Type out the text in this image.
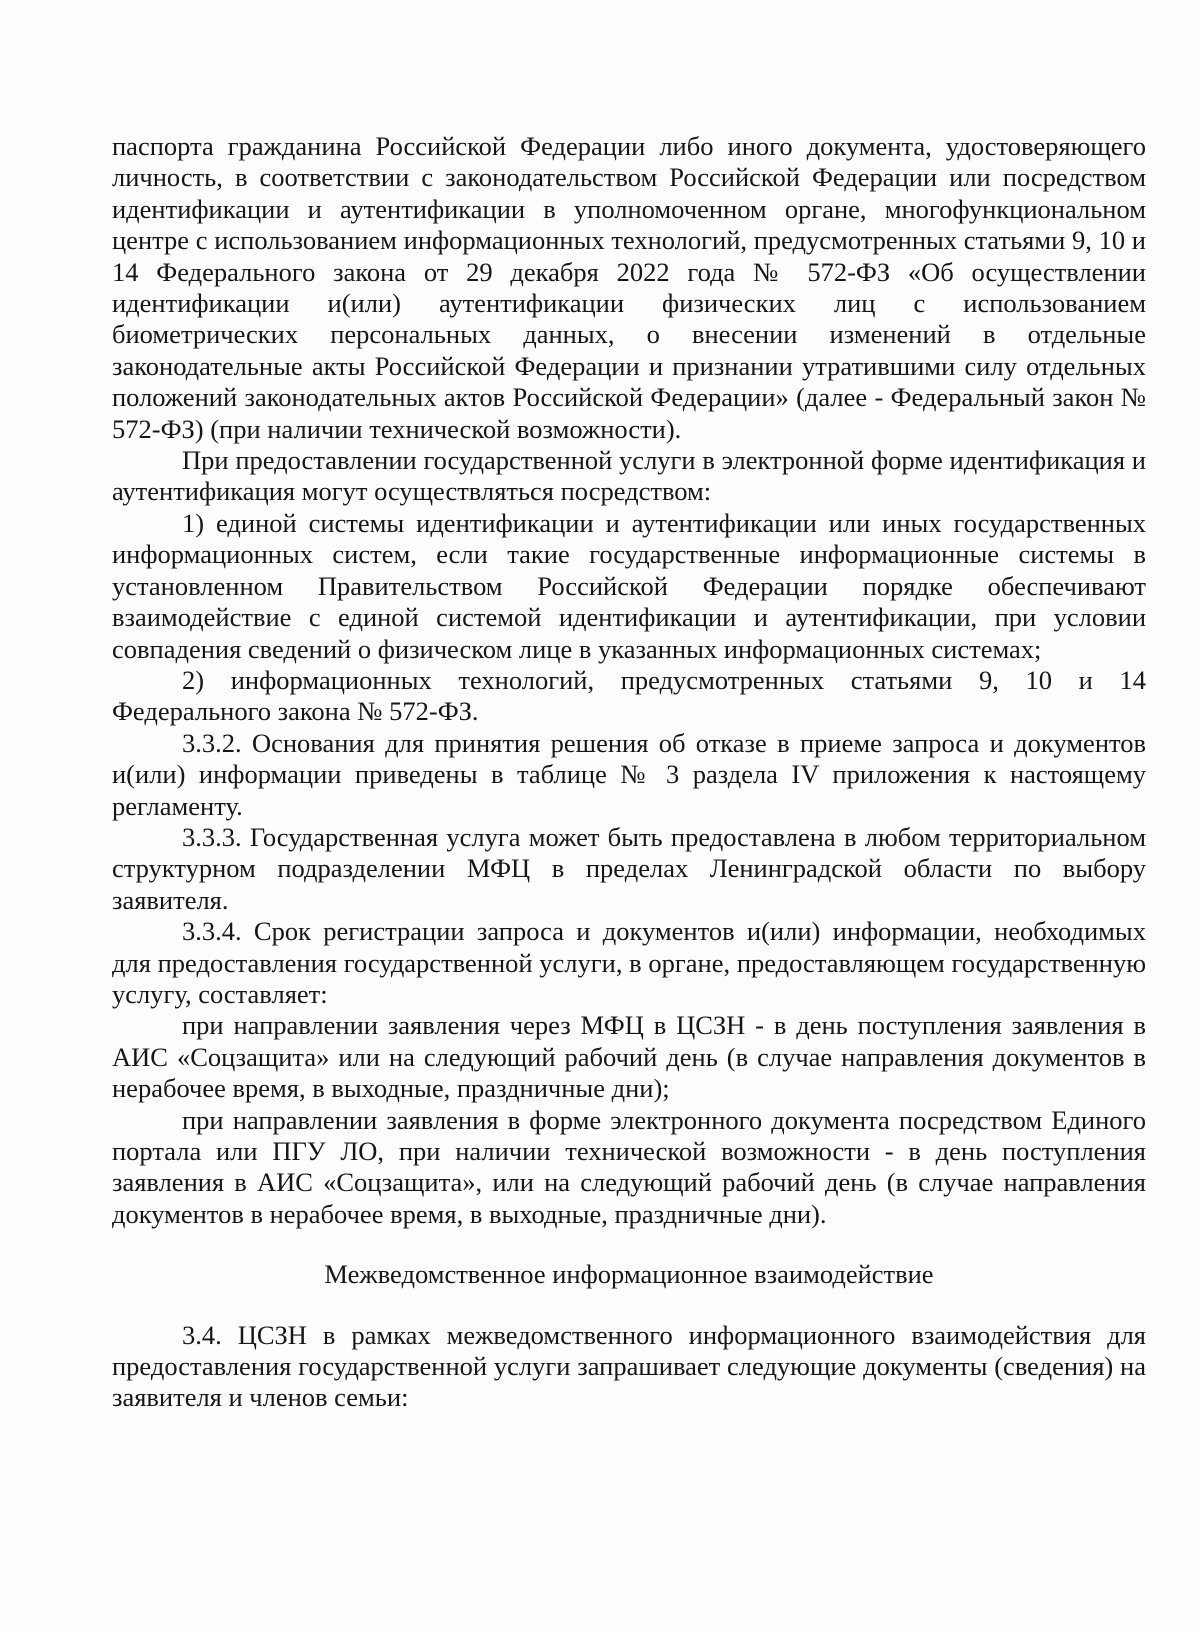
паспорта гражданина Российской Федерации либо иного документа, удостоверяющего личность, в соответствии с законодательством Российской Федерации или посредством идентификации и аутентификации в уполномоченном органе, многофункциональном центре с использованием информационных технологий, предусмотренных статьями 9, 10 и 14 Федерального закона от 29 декабря 2022 года № 572-ФЗ «Об осуществлении идентификации и(или) аутентификации физических лиц с использованием биометрических персональных данных, о внесении изменений в отдельные законодательные акты Российской Федерации и признании утратившими силу отдельных положений законодательных актов Российской Федерации» (далее - Федеральный закон № 572-ФЗ) (при наличии технической возможности).

При предоставлении государственной услуги в электронной форме идентификация и аутентификация могут осуществляться посредством:

1) единой системы идентификации и аутентификации или иных государственных информационных систем, если такие государственные информационные системы в установленном Правительством Российской Федерации порядке обеспечивают взаимодействие с единой системой идентификации и аутентификации, при условии совпадения сведений о физическом лице в указанных информационных системах;

2) информационных технологий, предусмотренных статьями 9, 10 и 14 Федерального закона № 572-ФЗ.

3.3.2. Основания для принятия решения об отказе в приеме запроса и документов и(или) информации приведены в таблице № 3 раздела IV приложения к настоящему регламенту.

3.3.3. Государственная услуга может быть предоставлена в любом территориальном структурном подразделении МФЦ в пределах Ленинградской области по выбору заявителя.

3.3.4. Срок регистрации запроса и документов и(или) информации, необходимых для предоставления государственной услуги, в органе, предоставляющем государственную услугу, составляет:

при направлении заявления через МФЦ в ЦСЗН - в день поступления заявления в АИС «Соцзащита» или на следующий рабочий день (в случае направления документов в нерабочее время, в выходные, праздничные дни);

при направлении заявления в форме электронного документа посредством Единого портала или ПГУ ЛО, при наличии технической возможности - в день поступления заявления в АИС «Соцзащита», или на следующий рабочий день (в случае направления документов в нерабочее время, в выходные, праздничные дни).

Межведомственное информационное взаимодействие

3.4. ЦСЗН в рамках межведомственного информационного взаимодействия для предоставления государственной услуги запрашивает следующие документы (сведения) на заявителя и членов семьи:
